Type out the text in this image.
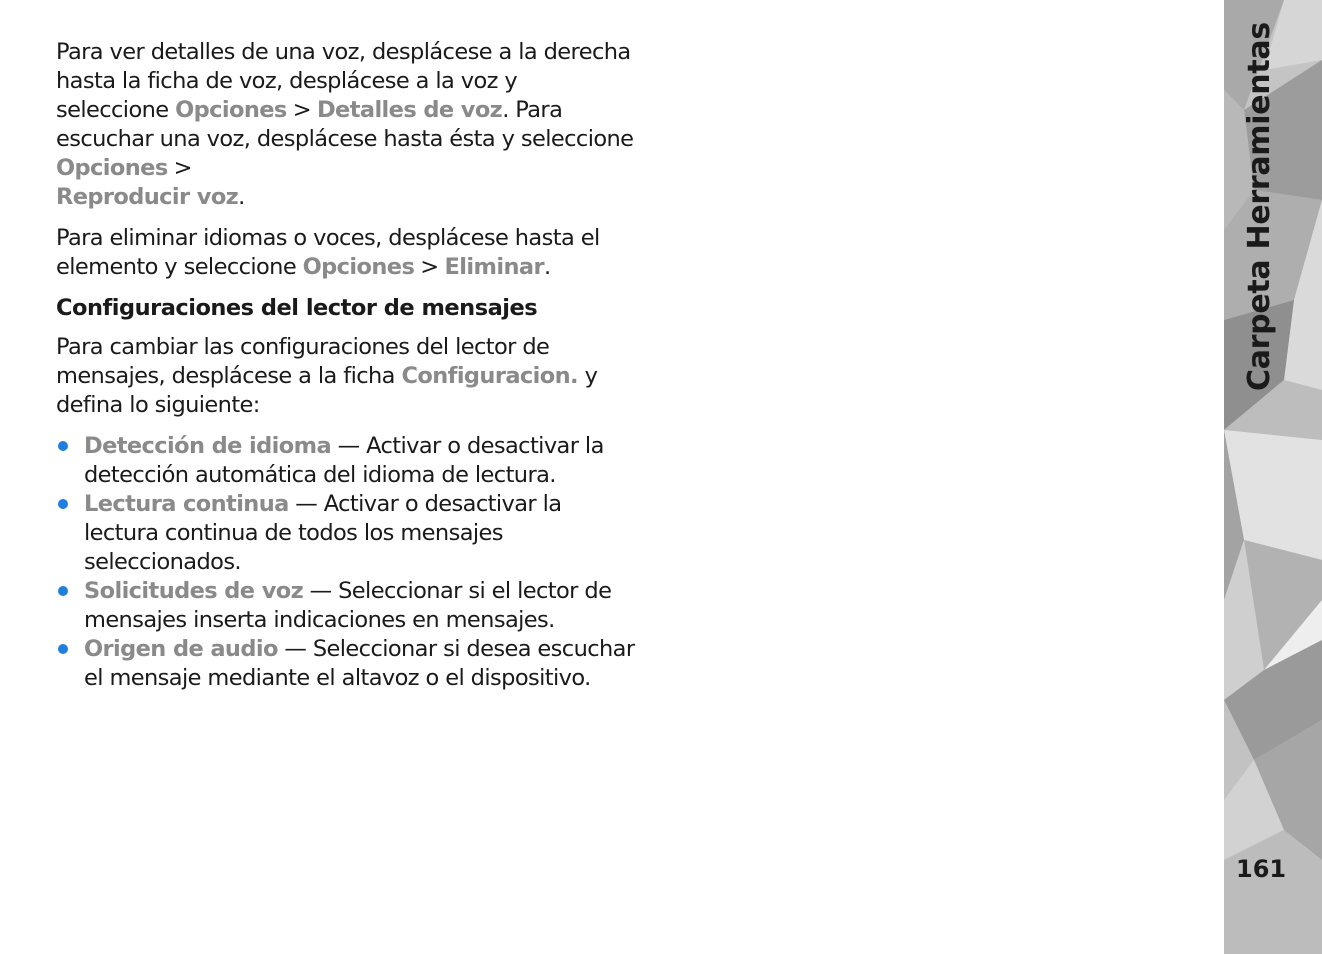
Para ver detalles de una voz, desplácese a la derecha hasta la ficha de voz, desplácese a la voz y seleccione Opciones > Detalles de voz. Para escuchar una voz, desplácese hasta ésta y seleccione Opciones >
Reproducir voz.

Para eliminar idiomas o voces, desplácese hasta el elemento y seleccione Opciones > Eliminar.

Configuraciones del lector de mensajes

Para cambiar las configuraciones del lector de mensajes, desplácese a la ficha Configuracion. y defina lo siguiente:

Detección de idioma — Activar o desactivar la detección automática del idioma de lectura.
Lectura continua — Activar o desactivar la lectura continua de todos los mensajes seleccionados.
Solicitudes de voz — Seleccionar si el lector de mensajes inserta indicaciones en mensajes.
Origen de audio — Seleccionar si desea escuchar el mensaje mediante el altavoz o el dispositivo.
Carpeta Herramientas
161
